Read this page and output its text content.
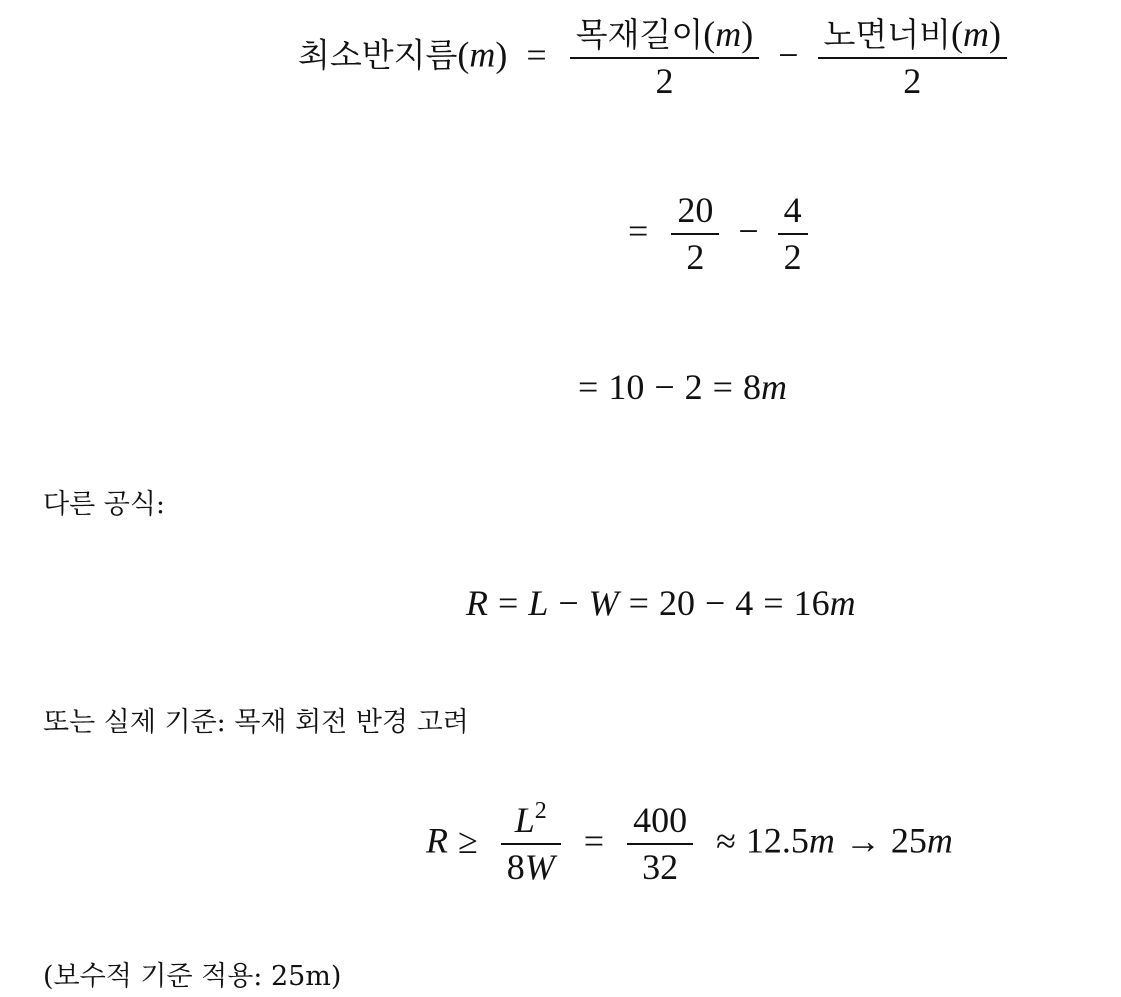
최소반지름$(m) = \frac{\text{목재길이(m)}}{2} - \frac{\text{노면너비(m)}}{2}$
= $\frac{20}{2} - \frac{4}{2}$
= 10 − 2 = 8m
다른 공식:
R = L − W = 20 − 4 = 16m
또는 실제 기준: 목재 회전 반경 고려
$R \ge \frac{L^2}{8W} = \frac{400}{32} \approx 12.5m \to 25m$
(보수적 기준 적용: 25m)
